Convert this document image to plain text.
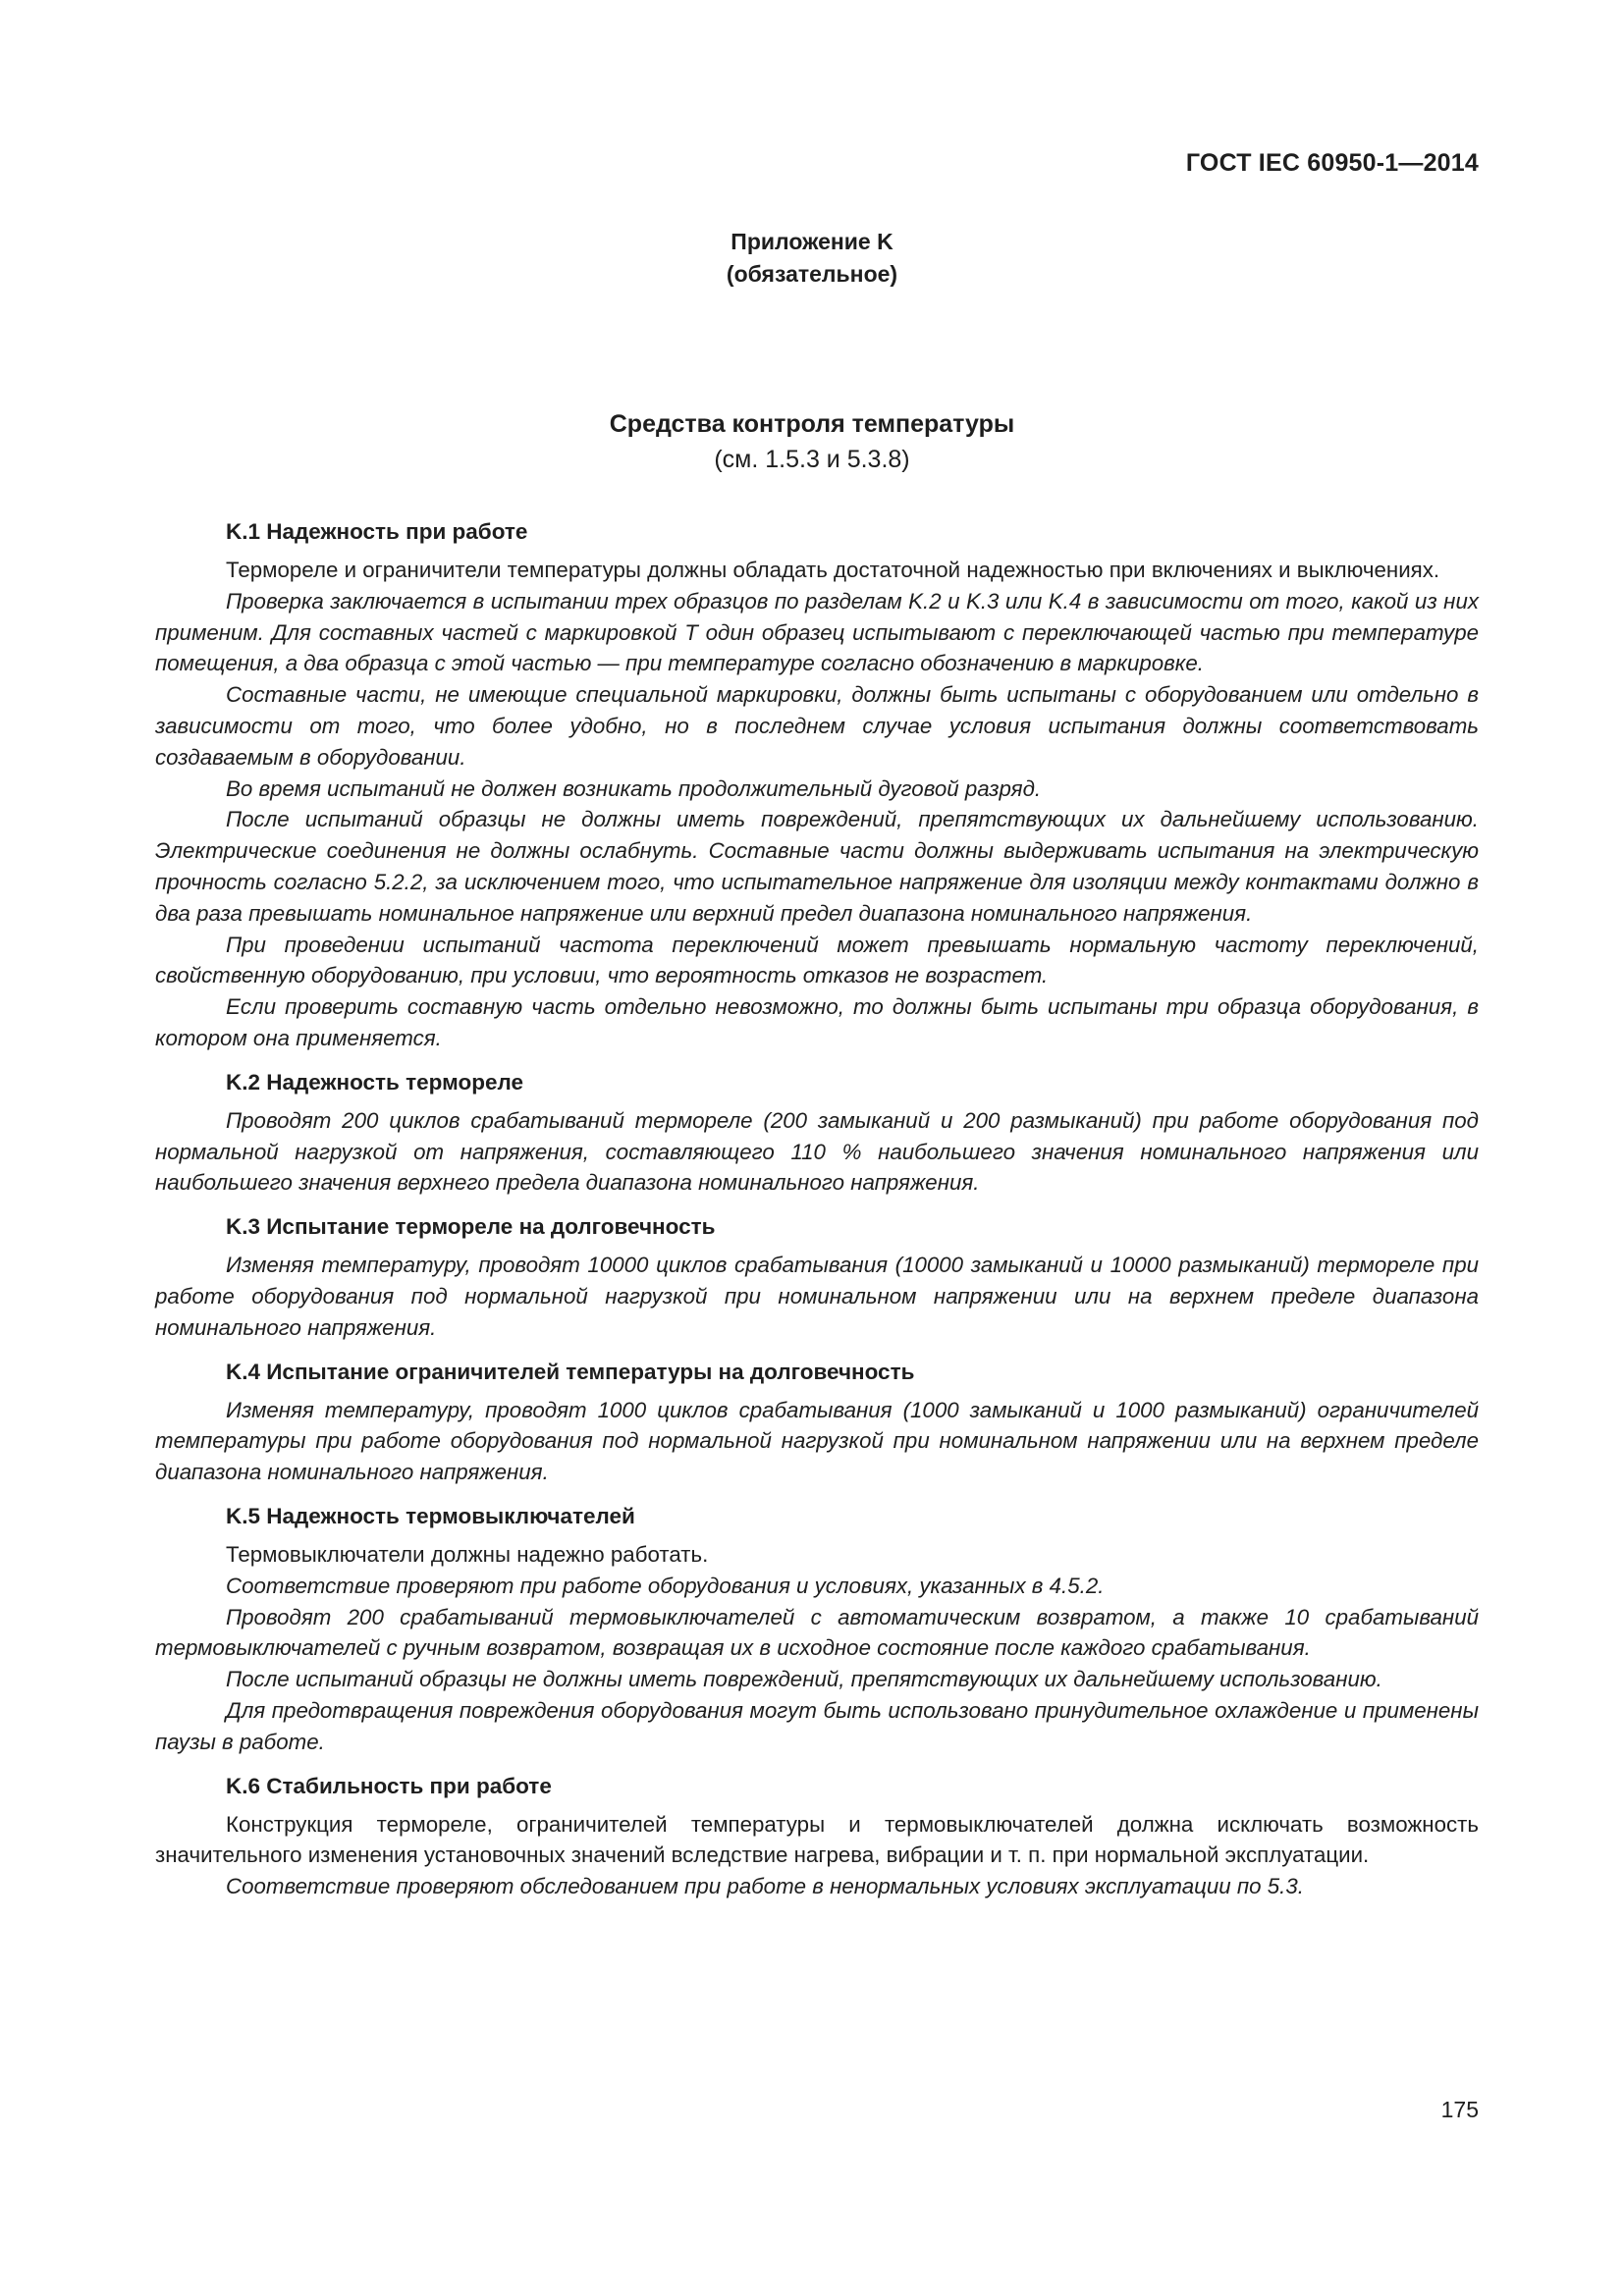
ГОСТ IEC 60950-1—2014
Приложение K
(обязательное)
Средства контроля температуры
(см. 1.5.3 и 5.3.8)
K.1 Надежность при работе

Термореле и ограничители температуры должны обладать достаточной надежностью при включениях и выключениях.

Проверка заключается в испытании трех образцов по разделам K.2 и K.3 или K.4 в зависимости от того, какой из них применим. Для составных частей с маркировкой T один образец испытывают с переключающей частью при температуре помещения, а два образца с этой частью — при температуре согласно обозначению в маркировке.

Составные части, не имеющие специальной маркировки, должны быть испытаны с оборудованием или отдельно в зависимости от того, что более удобно, но в последнем случае условия испытания должны соответствовать создаваемым в оборудовании.

Во время испытаний не должен возникать продолжительный дуговой разряд.

После испытаний образцы не должны иметь повреждений, препятствующих их дальнейшему использованию. Электрические соединения не должны ослабнуть. Составные части должны выдерживать испытания на электрическую прочность согласно 5.2.2, за исключением того, что испытательное напряжение для изоляции между контактами должно в два раза превышать номинальное напряжение или верхний предел диапазона номинального напряжения.

При проведении испытаний частота переключений может превышать нормальную частоту переключений, свойственную оборудованию, при условии, что вероятность отказов не возрастет.

Если проверить составную часть отдельно невозможно, то должны быть испытаны три образца оборудования, в котором она применяется.

K.2 Надежность термореле

Проводят 200 циклов срабатываний термореле (200 замыканий и 200 размыканий) при работе оборудования под нормальной нагрузкой от напряжения, составляющего 110 % наибольшего значения номинального напряжения или наибольшего значения верхнего предела диапазона номинального напряжения.

K.3 Испытание термореле на долговечность

Изменяя температуру, проводят 10000 циклов срабатывания (10000 замыканий и 10000 размыканий) термореле при работе оборудования под нормальной нагрузкой при номинальном напряжении или на верхнем пределе диапазона номинального напряжения.

K.4 Испытание ограничителей температуры на долговечность

Изменяя температуру, проводят 1000 циклов срабатывания (1000 замыканий и 1000 размыканий) ограничителей температуры при работе оборудования под нормальной нагрузкой при номинальном напряжении или на верхнем пределе диапазона номинального напряжения.

K.5 Надежность термовыключателей

Термовыключатели должны надежно работать.

Соответствие проверяют при работе оборудования и условиях, указанных в 4.5.2.

Проводят 200 срабатываний термовыключателей с автоматическим возвратом, а также 10 срабатываний термовыключателей с ручным возвратом, возвращая их в исходное состояние после каждого срабатывания.

После испытаний образцы не должны иметь повреждений, препятствующих их дальнейшему использованию.

Для предотвращения повреждения оборудования могут быть использовано принудительное охлаждение и применены паузы в работе.

K.6 Стабильность при работе

Конструкция термореле, ограничителей температуры и термовыключателей должна исключать возможность значительного изменения установочных значений вследствие нагрева, вибрации и т. п. при нормальной эксплуатации.

Соответствие проверяют обследованием при работе в ненормальных условиях эксплуатации по 5.3.

175
